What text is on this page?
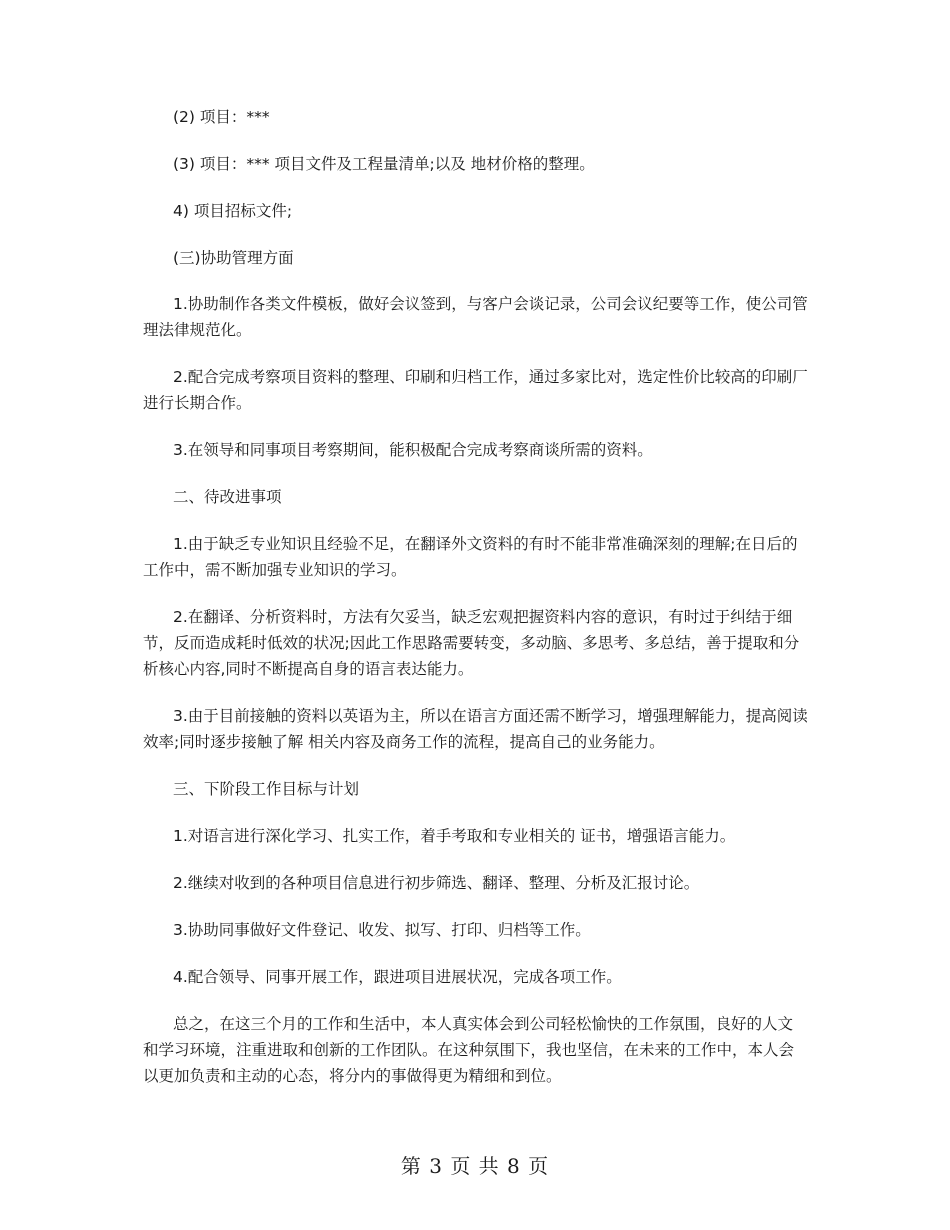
(2) 项目：***

(3) 项目：*** 项目文件及工程量清单;以及 地材价格的整理。

4) 项目招标文件;

(三)协助管理方面

1.协助制作各类文件模板，做好会议签到，与客户会谈记录，公司会议纪要等工作，使公司管理法律规范化。

2.配合完成考察项目资料的整理、印刷和归档工作，通过多家比对，选定性价比较高的印刷厂进行长期合作。

3.在领导和同事项目考察期间，能积极配合完成考察商谈所需的资料。

二、待改进事项

1.由于缺乏专业知识且经验不足，在翻译外文资料的有时不能非常准确深刻的理解;在日后的工作中，需不断加强专业知识的学习。

2.在翻译、分析资料时，方法有欠妥当，缺乏宏观把握资料内容的意识，有时过于纠结于细节，反而造成耗时低效的状况;因此工作思路需要转变，多动脑、多思考、多总结，善于提取和分析核心内容,同时不断提高自身的语言表达能力。

3.由于目前接触的资料以英语为主，所以在语言方面还需不断学习，增强理解能力，提高阅读效率;同时逐步接触了解 相关内容及商务工作的流程，提高自己的业务能力。

三、下阶段工作目标与计划

1.对语言进行深化学习、扎实工作，着手考取和专业相关的 证书，增强语言能力。

2.继续对收到的各种项目信息进行初步筛选、翻译、整理、分析及汇报讨论。

3.协助同事做好文件登记、收发、拟写、打印、归档等工作。

4.配合领导、同事开展工作，跟进项目进展状况，完成各项工作。

总之，在这三个月的工作和生活中，本人真实体会到公司轻松愉快的工作氛围，良好的人文和学习环境，注重进取和创新的工作团队。在这种氛围下，我也坚信，在未来的工作中，本人会以更加负责和主动的心态，将分内的事做得更为精细和到位。

第 3 页 共 8 页
